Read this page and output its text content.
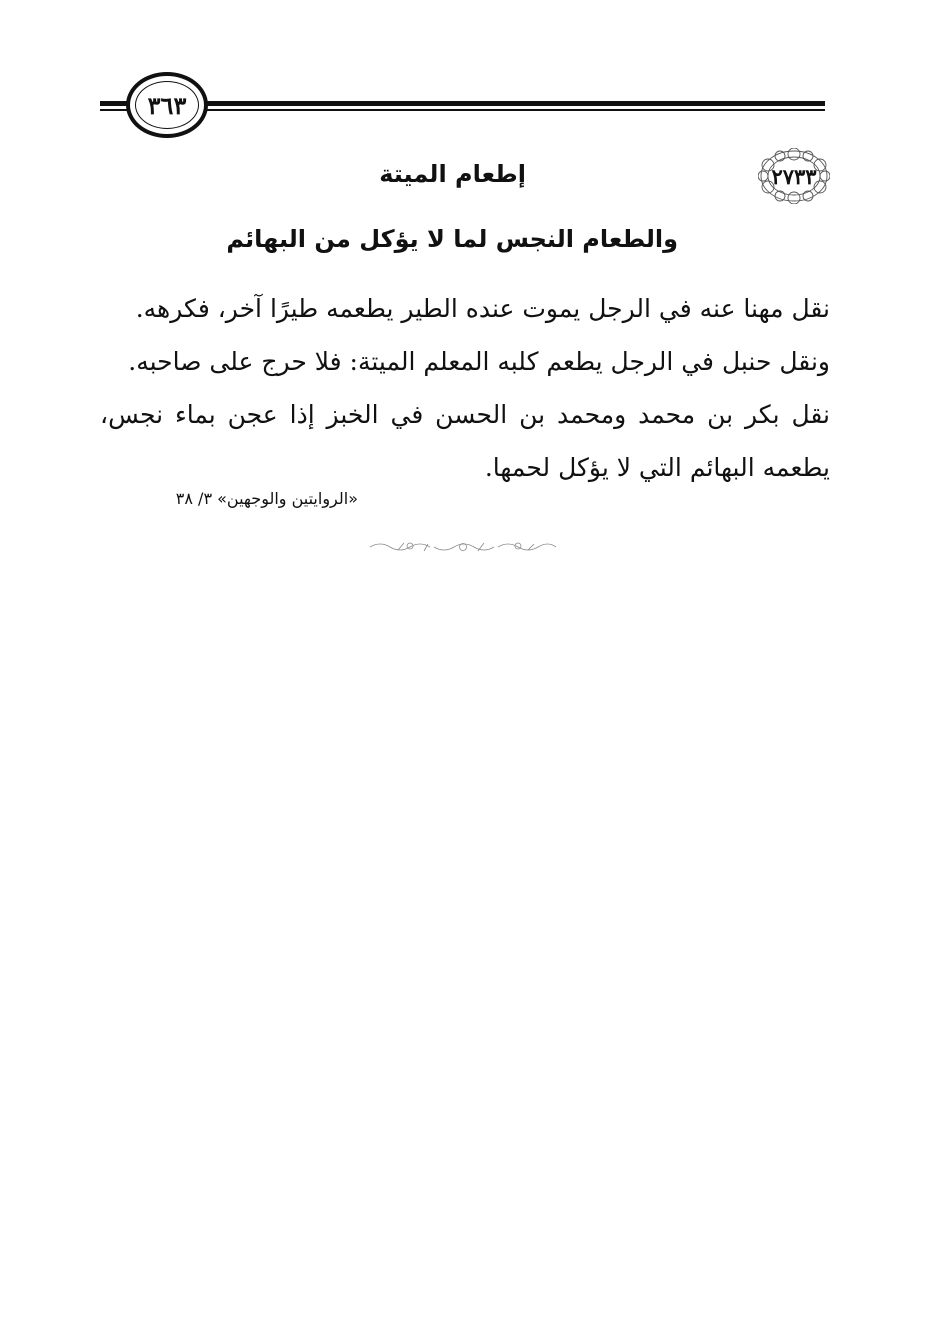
٣٦٣
٢٧٣٣
إطعام الميتة
والطعام النجس لما لا يؤكل من البهائم

نقل مهنا عنه في الرجل يموت عنده الطير يطعمه طيرًا آخر، فكرهه.

ونقل حنبل في الرجل يطعم كلبه المعلم الميتة: فلا حرج على صاحبه.

نقل بكر بن محمد ومحمد بن الحسن في الخبز إذا عجن بماء نجس، يطعمه البهائم التي لا يؤكل لحمها.

«الروايتين والوجهين» ٣/ ٣٨
